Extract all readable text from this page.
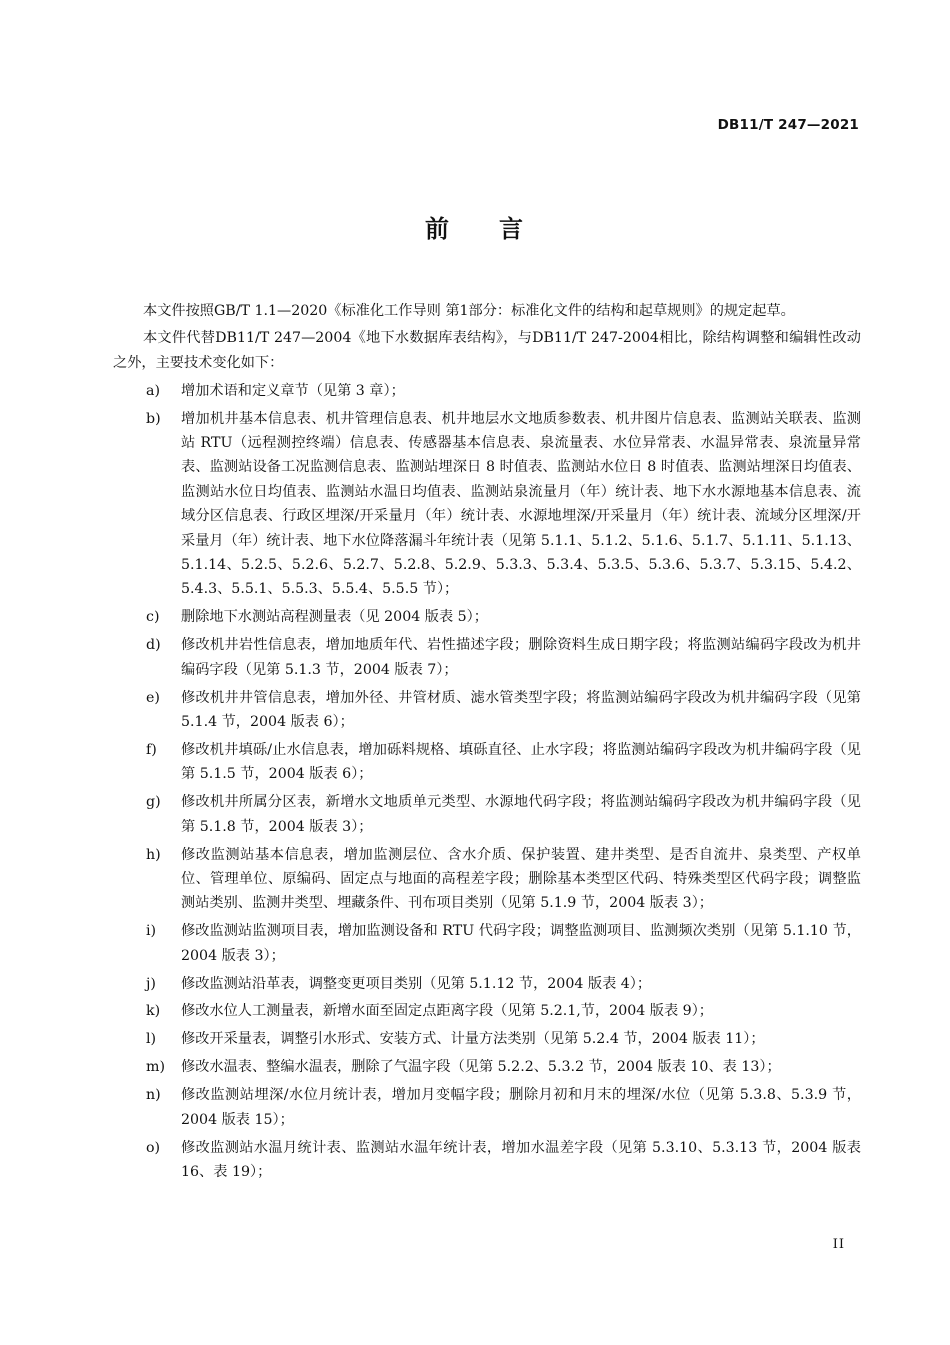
DB11/T 247—2021
前 言

本文件按照GB/T 1.1—2020《标准化工作导则 第1部分：标准化文件的结构和起草规则》的规定起草。

本文件代替DB11/T 247—2004《地下水数据库表结构》，与DB11/T 247-2004相比，除结构调整和编辑性改动之外，主要技术变化如下：

a) 增加术语和定义章节（见第 3 章）；
b) 增加机井基本信息表、机井管理信息表、机井地层水文地质参数表、机井图片信息表、监测站关联表、监测站 RTU（远程测控终端）信息表、传感器基本信息表、泉流量表、水位异常表、水温异常表、泉流量异常表、监测站设备工况监测信息表、监测站埋深日 8 时值表、监测站水位日 8 时值表、监测站埋深日均值表、监测站水位日均值表、监测站水温日均值表、监测站泉流量月（年）统计表、地下水水源地基本信息表、流域分区信息表、行政区埋深/开采量月（年）统计表、水源地埋深/开采量月（年）统计表、流域分区埋深/开采量月（年）统计表、地下水位降落漏斗年统计表（见第 5.1.1、5.1.2、5.1.6、5.1.7、5.1.11、5.1.13、5.1.14、5.2.5、5.2.6、5.2.7、5.2.8、5.2.9、5.3.3、5.3.4、5.3.5、5.3.6、5.3.7、5.3.15、5.4.2、5.4.3、5.5.1、5.5.3、5.5.4、5.5.5 节）；
c) 删除地下水测站高程测量表（见 2004 版表 5）；
d) 修改机井岩性信息表，增加地质年代、岩性描述字段；删除资料生成日期字段；将监测站编码字段改为机井编码字段（见第 5.1.3 节，2004 版表 7）；
e) 修改机井井管信息表，增加外径、井管材质、滤水管类型字段；将监测站编码字段改为机井编码字段（见第 5.1.4 节，2004 版表 6）；
f) 修改机井填砾/止水信息表，增加砾料规格、填砾直径、止水字段；将监测站编码字段改为机井编码字段（见第 5.1.5 节，2004 版表 6）；
g) 修改机井所属分区表，新增水文地质单元类型、水源地代码字段；将监测站编码字段改为机井编码字段（见第 5.1.8 节，2004 版表 3）；
h) 修改监测站基本信息表，增加监测层位、含水介质、保护装置、建井类型、是否自流井、泉类型、产权单位、管理单位、原编码、固定点与地面的高程差字段；删除基本类型区代码、特殊类型区代码字段；调整监测站类别、监测井类型、埋藏条件、刊布项目类别（见第 5.1.9 节，2004 版表 3）；
i) 修改监测站监测项目表，增加监测设备和 RTU 代码字段；调整监测项目、监测频次类别（见第 5.1.10 节，2004 版表 3）；
j) 修改监测站沿革表，调整变更项目类别（见第 5.1.12 节，2004 版表 4）；
k) 修改水位人工测量表，新增水面至固定点距离字段（见第 5.2.1,节，2004 版表 9）；
l) 修改开采量表，调整引水形式、安装方式、计量方法类别（见第 5.2.4 节，2004 版表 11）；
m) 修改水温表、整编水温表，删除了气温字段（见第 5.2.2、5.3.2 节，2004 版表 10、表 13）；
n) 修改监测站埋深/水位月统计表，增加月变幅字段；删除月初和月末的埋深/水位（见第 5.3.8、5.3.9 节，2004 版表 15）；
o) 修改监测站水温月统计表、监测站水温年统计表，增加水温差字段（见第 5.3.10、5.3.13 节，2004 版表 16、表 19）；
II
